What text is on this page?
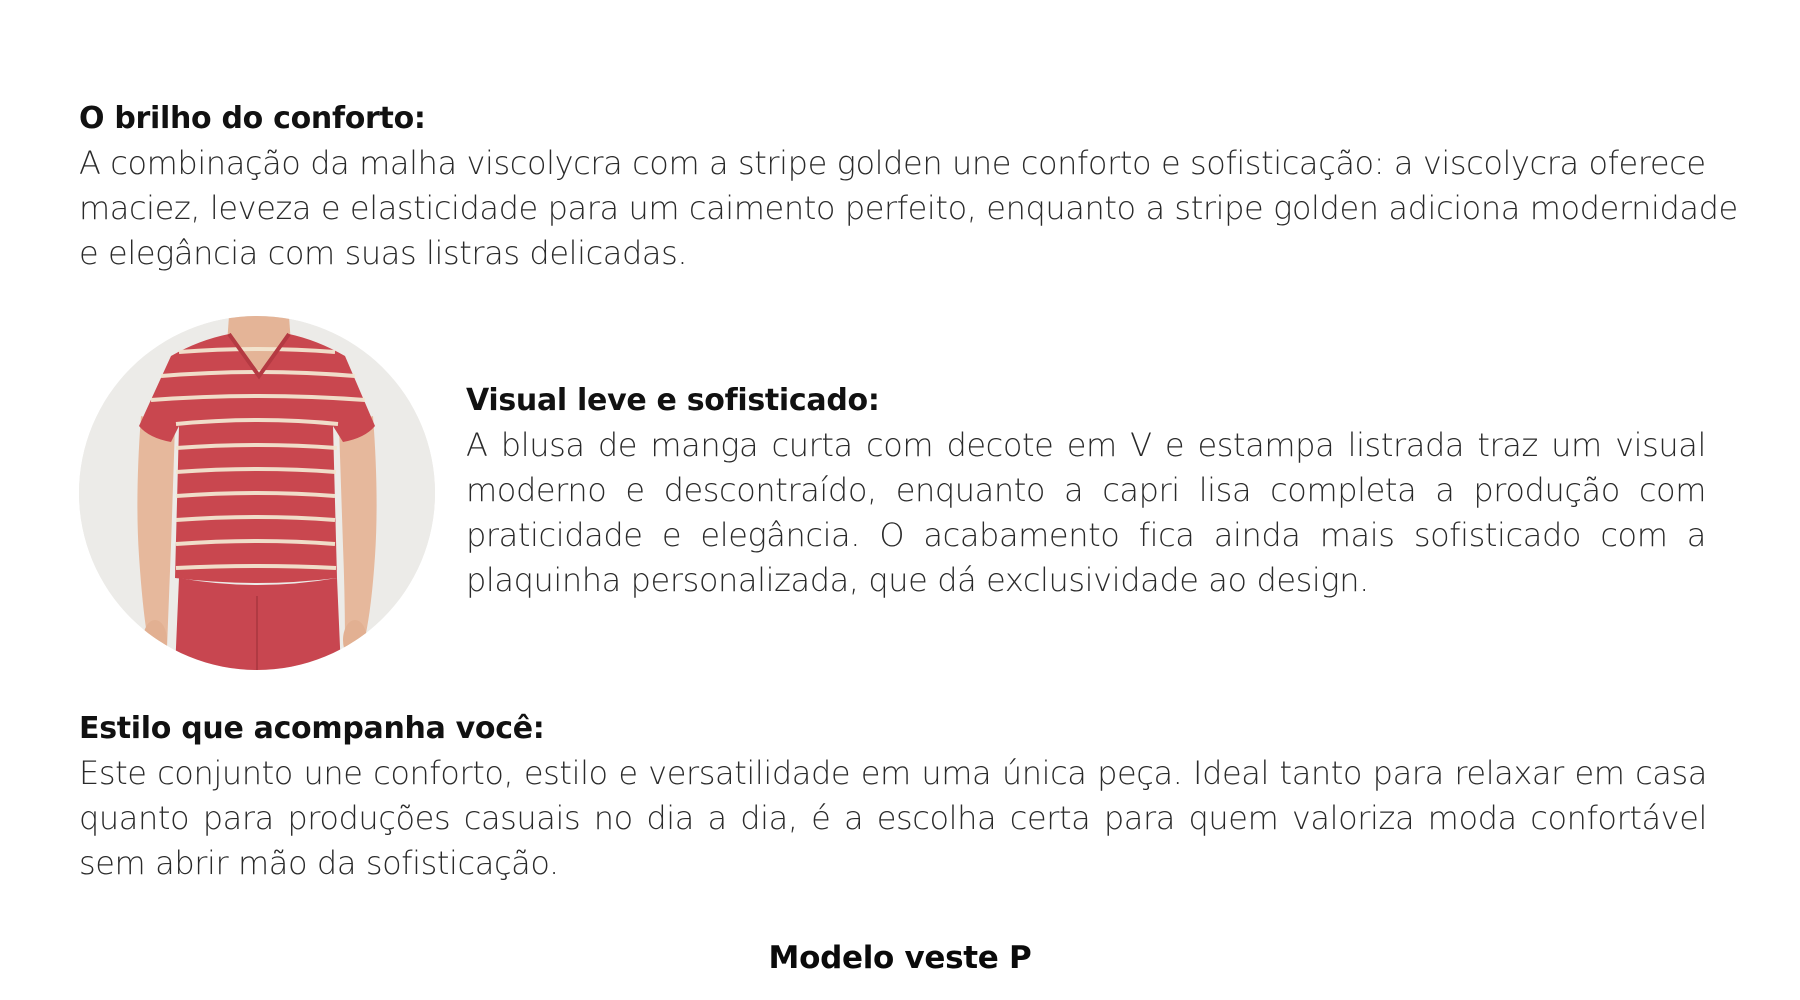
O brilho do conforto:
A combinação da malha viscolycra com a stripe golden une conforto e sofisticação: a viscolycra oferece maciez, leveza e elasticidade para um caimento perfeito, enquanto a stripe golden adiciona modernidade e elegância com suas listras delicadas.
Visual leve e sofisticado:
A blusa de manga curta com decote em V e estampa listrada traz um visual moderno e descontraído, enquanto a capri lisa completa a produção com praticidade e elegância. O acabamento fica ainda mais sofisticado com a plaquinha personalizada, que dá exclusividade ao design.
Estilo que acompanha você:
Este conjunto une conforto, estilo e versatilidade em uma única peça. Ideal tanto para relaxar em casa quanto para produções casuais no dia a dia, é a escolha certa para quem valoriza moda confortável sem abrir mão da sofisticação.
Modelo veste P
